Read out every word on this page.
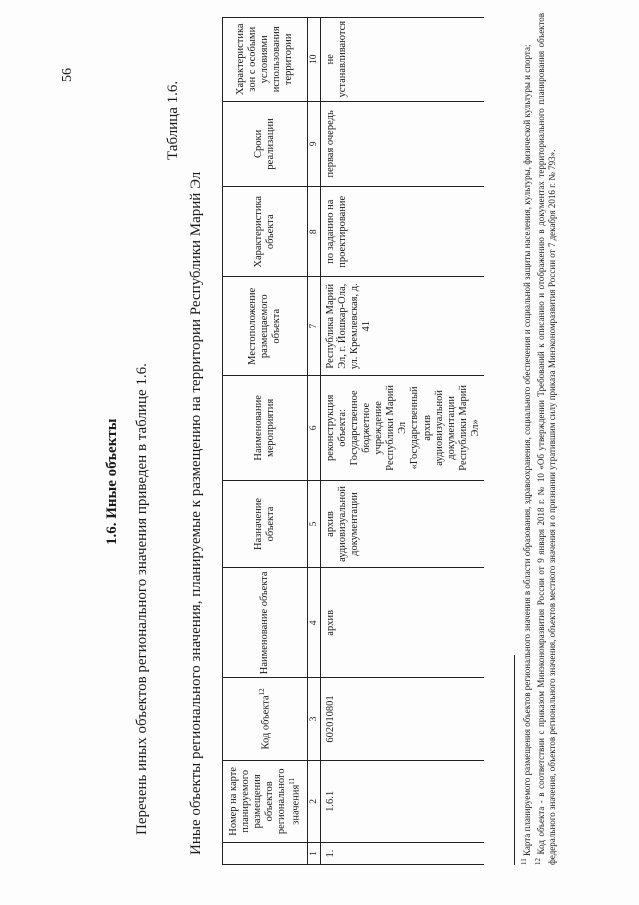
56
1.6. Иные объекты Перечень иных объектов регионального значения приведен в таблице 1.6.
Таблица 1.6.
Иные объекты регионального значения, планируемые к размещению на территории Республики Марий Эл
	Номер на карте планируемого размещения объектов регионального значения$^{11}$	Код объекта$^{12}$	Наименование объекта	Назначение объекта	Наименование мероприятия	Местоположение размещаемого объекта	Характеристика объекта	Сроки реализации	Характеристика зон с особыми условиями использования территории
1	2	3	4	5	6	7	8	9	10
1.	1.6.1	602010801	архив	архив аудиовизуальной документации	реконструкция объекта: Государственное бюджетное учреждение Республики Марий Эл «Государственный архив аудиовизуальной документации Республики Марий Эл»	Республика Марий Эл, г. Йошкар-Ола, ул. Кремлевская, д. 41	по заданию на проектирование	первая очередь	не устанавливаются

$^{11}$ Карта планируемого размещения объектов регионального значения в области образования, здравоохранения, социального обеспечения и социальной защиты населения, культуры, физической культуры и спорта;

$^{12}$ Код объекта - в соответствии с приказом Минэкономразвития России от 9 января 2018 г. № 10 «Об утверждении Требований к описанию и отображению в документах территориального планирования объектов федерального значения, объектов регионального значения, объектов местного значения и о признании утратившим силу приказа Минэкономразвития России от 7 декабря 2016 г. № 793».
